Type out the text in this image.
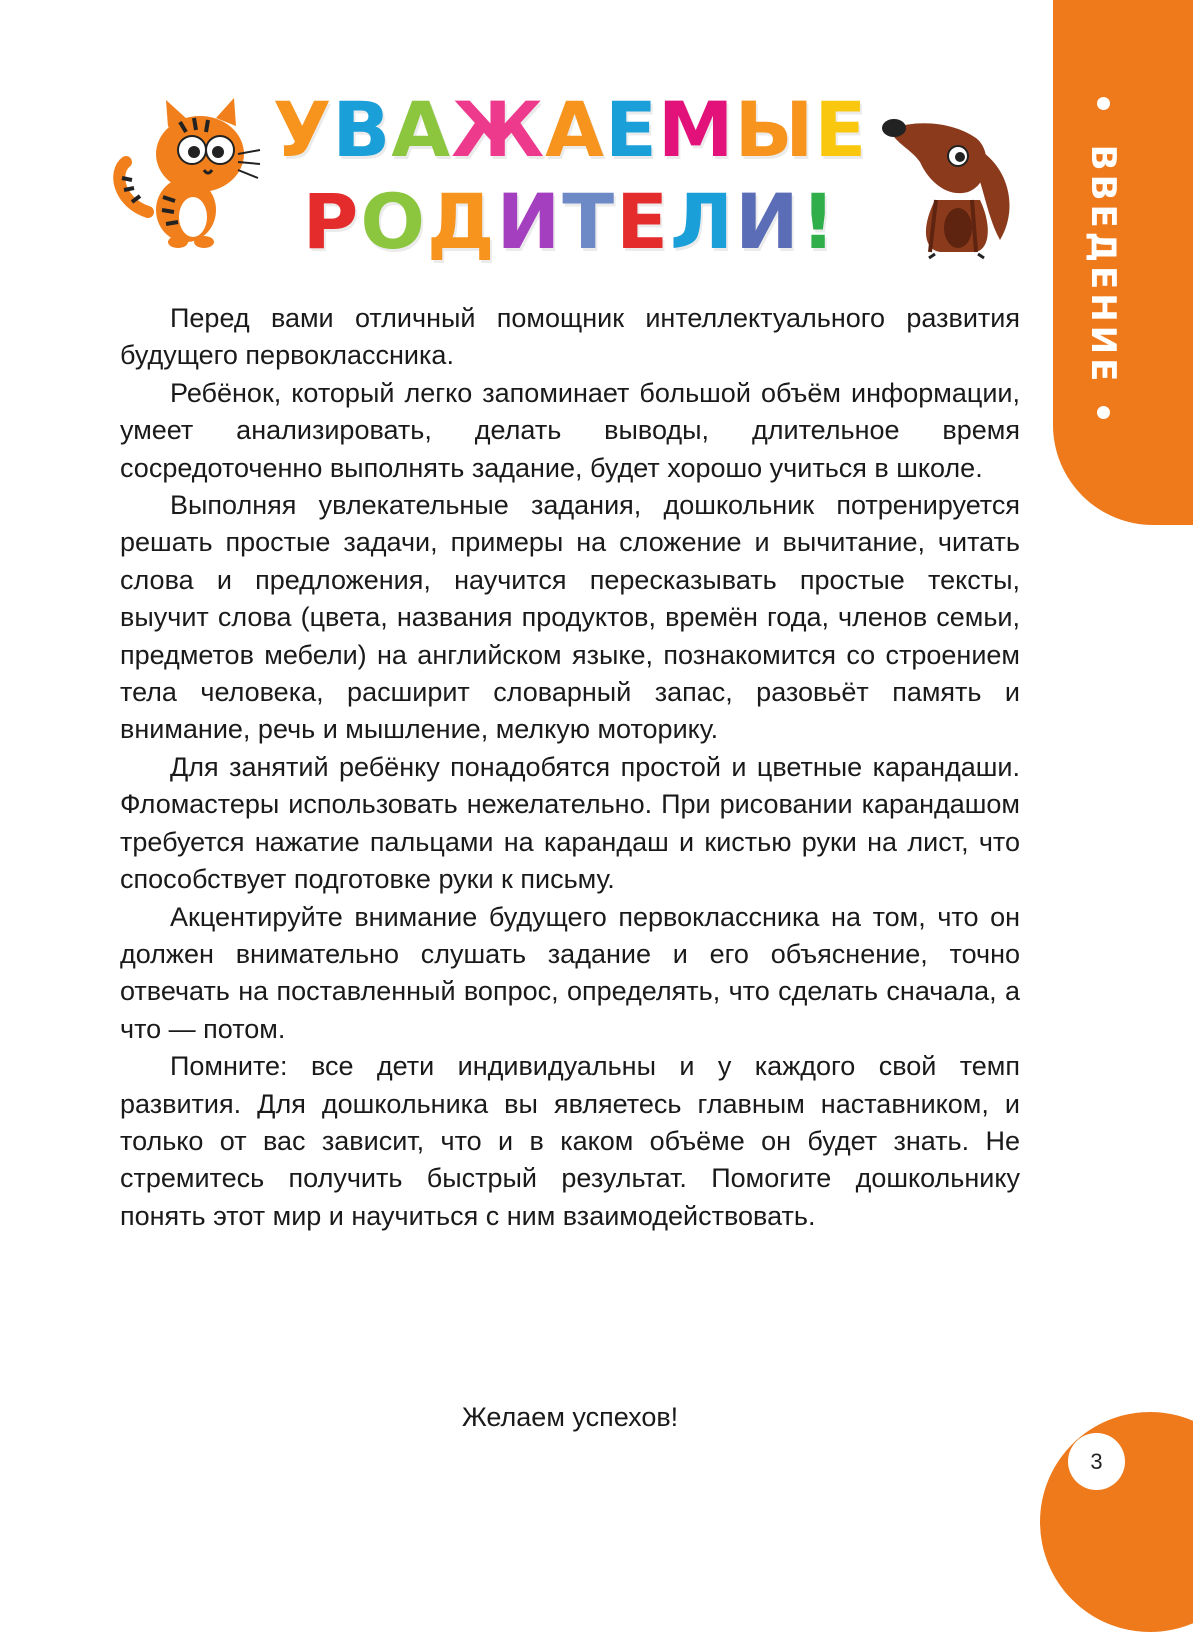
ВВЕДЕНИЕ
УВАЖАЕМЫЕ
РОДИТЕЛИ!

Перед вами отличный помощник интеллектуального развития будущего первоклассника.

Ребёнок, который легко запоминает большой объём информации, умеет анализировать, делать выводы, длительное время сосредоточенно выполнять задание, будет хорошо учиться в школе.

Выполняя увлекательные задания, дошкольник потренируется решать простые задачи, примеры на сложение и вычитание, читать слова и предложения, научится пересказывать простые тексты, выучит слова (цвета, названия продуктов, времён года, членов семьи, предметов мебели) на английском языке, познакомится со строением тела человека, расширит словарный запас, разовьёт память и внимание, речь и мышление, мелкую моторику.

Для занятий ребёнку понадобятся простой и цветные карандаши. Фломастеры использовать нежелательно. При рисовании карандашом требуется нажатие пальцами на карандаш и кистью руки на лист, что способствует подготовке руки к письму.

Акцентируйте внимание будущего первоклассника на том, что он должен внимательно слушать задание и его объяснение, точно отвечать на поставленный вопрос, определять, что сделать сначала, а что — потом.

Помните: все дети индивидуальны и у каждого свой темп развития. Для дошкольника вы являетесь главным наставником, и только от вас зависит, что и в каком объёме он будет знать. Не стремитесь получить быстрый результат. Помогите дошкольнику понять этот мир и научиться с ним взаимодействовать.

Желаем успехов!
3
